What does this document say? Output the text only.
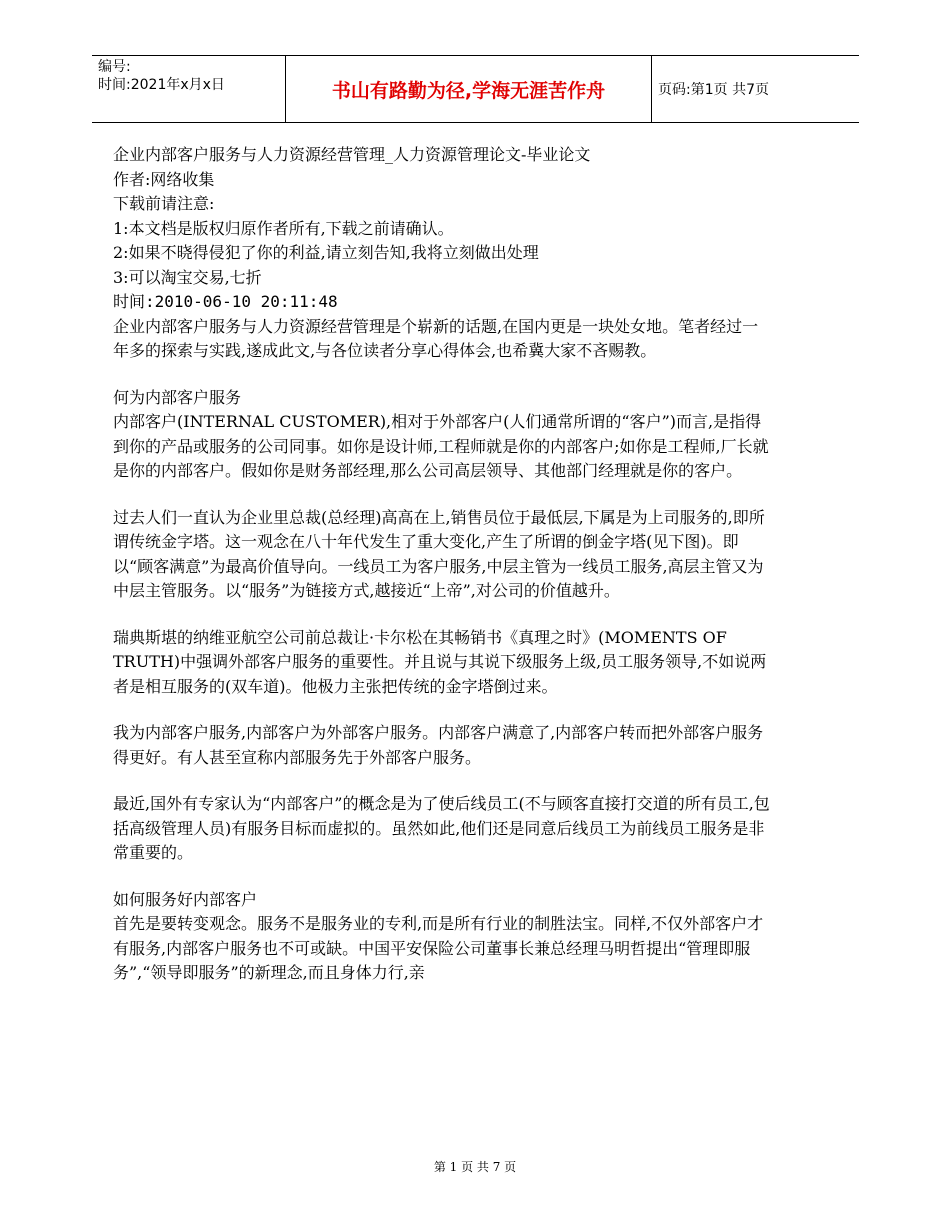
编号:
时间:2021年x月x日	书山有路勤为径,学海无涯苦作舟	页码:第1页 共7页

企业内部客户服务与人力资源经营管理_人力资源管理论文-毕业论文

作者:网络收集

下载前请注意:

1:本文档是版权归原作者所有,下载之前请确认。

2:如果不晓得侵犯了你的利益,请立刻告知,我将立刻做出处理

3:可以淘宝交易,七折

时间:2010-06-10 20:11:48

企业内部客户服务与人力资源经营管理是个崭新的话题,在国内更是一块处女地。笔者经过一年多的探索与实践,遂成此文,与各位读者分享心得体会,也希冀大家不吝赐教。

何为内部客户服务

内部客户(INTERNAL CUSTOMER),相对于外部客户(人们通常所谓的“客户”)而言,是指得到你的产品或服务的公司同事。如你是设计师,工程师就是你的内部客户;如你是工程师,厂长就是你的内部客户。假如你是财务部经理,那么公司高层领导、其他部门经理就是你的客户。

过去人们一直认为企业里总裁(总经理)高高在上,销售员位于最低层,下属是为上司服务的,即所谓传统金字塔。这一观念在八十年代发生了重大变化,产生了所谓的倒金字塔(见下图)。即以“顾客满意”为最高价值导向。一线员工为客户服务,中层主管为一线员工服务,高层主管又为中层主管服务。以“服务”为链接方式,越接近“上帝”,对公司的价值越升。

瑞典斯堪的纳维亚航空公司前总裁让·卡尔松在其畅销书《真理之时》(MOMENTS OF TRUTH)中强调外部客户服务的重要性。并且说与其说下级服务上级,员工服务领导,不如说两者是相互服务的(双车道)。他极力主张把传统的金字塔倒过来。

我为内部客户服务,内部客户为外部客户服务。内部客户满意了,内部客户转而把外部客户服务得更好。有人甚至宣称内部服务先于外部客户服务。

最近,国外有专家认为“内部客户”的概念是为了使后线员工(不与顾客直接打交道的所有员工,包括高级管理人员)有服务目标而虚拟的。虽然如此,他们还是同意后线员工为前线员工服务是非常重要的。

如何服务好内部客户

首先是要转变观念。服务不是服务业的专利,而是所有行业的制胜法宝。同样,不仅外部客户才有服务,内部客户服务也不可或缺。中国平安保险公司董事长兼总经理马明哲提出“管理即服务”,“领导即服务”的新理念,而且身体力行,亲

第 1 页 共 7 页
